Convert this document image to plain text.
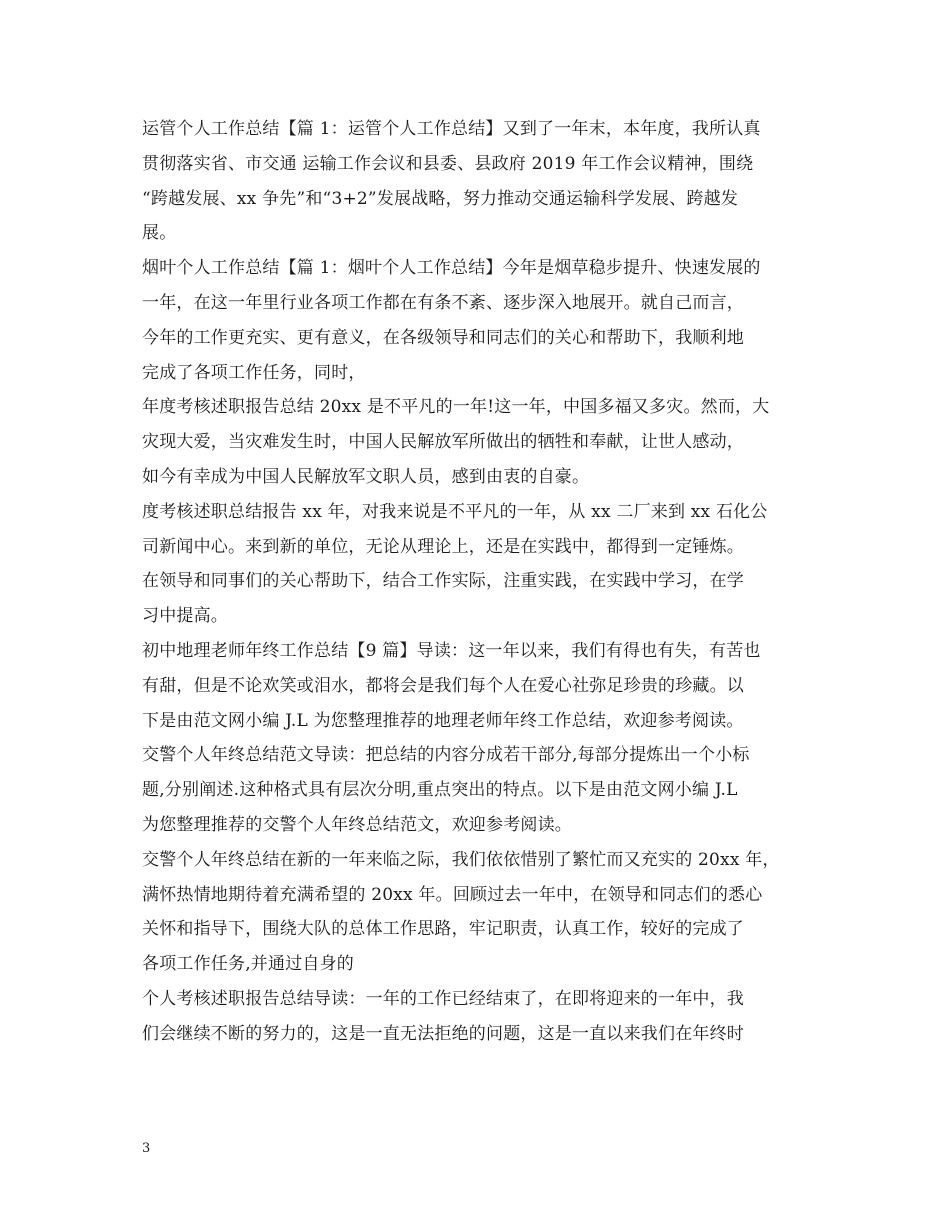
运管个人工作总结【篇 1：运管个人工作总结】又到了一年末，本年度，我所认真
贯彻落实省、市交通 运输工作会议和县委、县政府 2019 年工作会议精神，围绕
“跨越发展、xx 争先”和“3+2”发展战略，努力推动交通运输科学发展、跨越发
展。
烟叶个人工作总结【篇 1：烟叶个人工作总结】今年是烟草稳步提升、快速发展的
一年，在这一年里行业各项工作都在有条不紊、逐步深入地展开。就自己而言，
今年的工作更充实、更有意义，在各级领导和同志们的关心和帮助下，我顺利地
完成了各项工作任务，同时，
年度考核述职报告总结 20xx 是不平凡的一年!这一年，中国多福又多灾。然而，大
灾现大爱，当灾难发生时，中国人民解放军所做出的牺牲和奉献，让世人感动，
如今有幸成为中国人民解放军文职人员，感到由衷的自豪。
度考核述职总结报告 xx 年，对我来说是不平凡的一年，从 xx 二厂来到 xx 石化公
司新闻中心。来到新的单位，无论从理论上，还是在实践中，都得到一定锤炼。
在领导和同事们的关心帮助下，结合工作实际，注重实践，在实践中学习，在学
习中提高。
初中地理老师年终工作总结【9 篇】导读：这一年以来，我们有得也有失，有苦也
有甜，但是不论欢笑或泪水，都将会是我们每个人在爱心社弥足珍贵的珍藏。以
下是由范文网小编 J.L 为您整理推荐的地理老师年终工作总结，欢迎参考阅读。
交警个人年终总结范文导读：把总结的内容分成若干部分,每部分提炼出一个小标
题,分别阐述.这种格式具有层次分明,重点突出的特点。以下是由范文网小编 J.L
为您整理推荐的交警个人年终总结范文，欢迎参考阅读。
交警个人年终总结在新的一年来临之际，我们依依惜别了繁忙而又充实的 20xx 年，
满怀热情地期待着充满希望的 20xx 年。回顾过去一年中，在领导和同志们的悉心
关怀和指导下，围绕大队的总体工作思路，牢记职责，认真工作，较好的完成了
各项工作任务,并通过自身的
个人考核述职报告总结导读：一年的工作已经结束了，在即将迎来的一年中，我
们会继续不断的努力的，这是一直无法拒绝的问题，这是一直以来我们在年终时
3
